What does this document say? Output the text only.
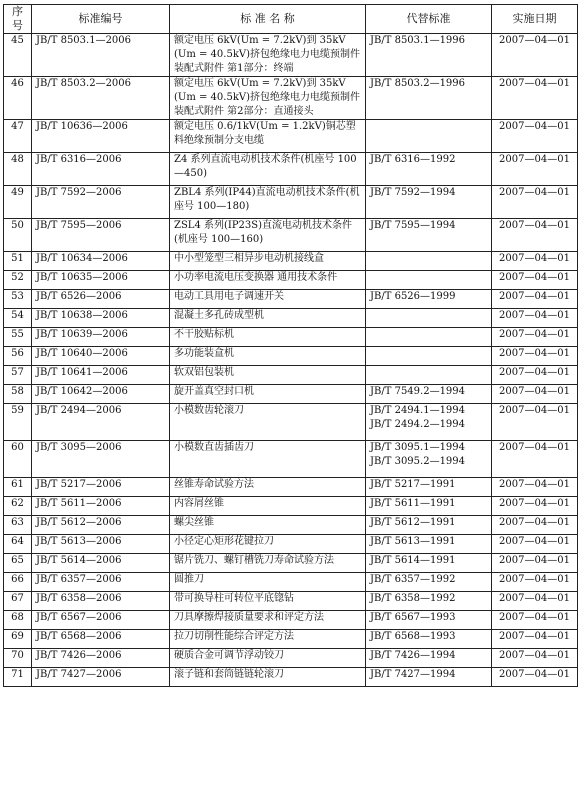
序号	标准编号	标 准 名 称	代替标准	实施日期
45	JB/T 8503.1—2006	额定电压 6kV(Um = 7.2kV)到 35kV (Um = 40.5kV)挤包绝缘电力电缆预制件装配式附件 第1部分：终端	JB/T 8503.1—1996	2007—04—01
46	JB/T 8503.2—2006	额定电压 6kV(Um = 7.2kV)到 35kV (Um = 40.5kV)挤包绝缘电力电缆预制件装配式附件 第2部分：直通接头	JB/T 8503.2—1996	2007—04—01
47	JB/T 10636—2006	额定电压 0.6/1kV(Um = 1.2kV)铜芯塑料绝缘预制分支电缆		2007—04—01
48	JB/T 6316—2006	Z4 系列直流电动机技术条件(机座号 100—450)	JB/T 6316—1992	2007—04—01
49	JB/T 7592—2006	ZBL4 系列(IP44)直流电动机技术条件(机座号 100—180)	JB/T 7592—1994	2007—04—01
50	JB/T 7595—2006	ZSL4 系列(IP23S)直流电动机技术条件(机座号 100—160)	JB/T 7595—1994	2007—04—01
51	JB/T 10634—2006	中小型笼型三相异步电动机接线盒		2007—04—01
52	JB/T 10635—2006	小功率电流电压变换器 通用技术条件		2007—04—01
53	JB/T 6526—2006	电动工具用电子调速开关	JB/T 6526—1999	2007—04—01
54	JB/T 10638—2006	混凝土多孔砖成型机		2007—04—01
55	JB/T 10639—2006	不干胶贴标机		2007—04—01
56	JB/T 10640—2006	多功能装盒机		2007—04—01
57	JB/T 10641—2006	软双铝包装机		2007—04—01
58	JB/T 10642—2006	旋开盖真空封口机	JB/T 7549.2—1994	2007—04—01
59	JB/T 2494—2006	小模数齿轮滚刀	JB/T 2494.1—1994
JB/T 2494.2—1994	2007—04—01
60	JB/T 3095—2006	小模数直齿插齿刀	JB/T 3095.1—1994
JB/T 3095.2—1994	2007—04—01
61	JB/T 5217—2006	丝锥寿命试验方法	JB/T 5217—1991	2007—04—01
62	JB/T 5611—2006	内容屑丝锥	JB/T 5611—1991	2007—04—01
63	JB/T 5612—2006	螺尖丝锥	JB/T 5612—1991	2007—04—01
64	JB/T 5613—2006	小径定心矩形花键拉刀	JB/T 5613—1991	2007—04—01
65	JB/T 5614—2006	锯片铣刀、螺钉槽铣刀寿命试验方法	JB/T 5614—1991	2007—04—01
66	JB/T 6357—2006	圆推刀	JB/T 6357—1992	2007—04—01
67	JB/T 6358—2006	带可换导柱可转位平底锪钻	JB/T 6358—1992	2007—04—01
68	JB/T 6567—2006	刀具摩擦焊接质量要求和评定方法	JB/T 6567—1993	2007—04—01
69	JB/T 6568—2006	拉刀切削性能综合评定方法	JB/T 6568—1993	2007—04—01
70	JB/T 7426—2006	硬质合金可调节浮动铰刀	JB/T 7426—1994	2007—04—01
71	JB/T 7427—2006	滚子链和套筒链链轮滚刀	JB/T 7427—1994	2007—04—01
